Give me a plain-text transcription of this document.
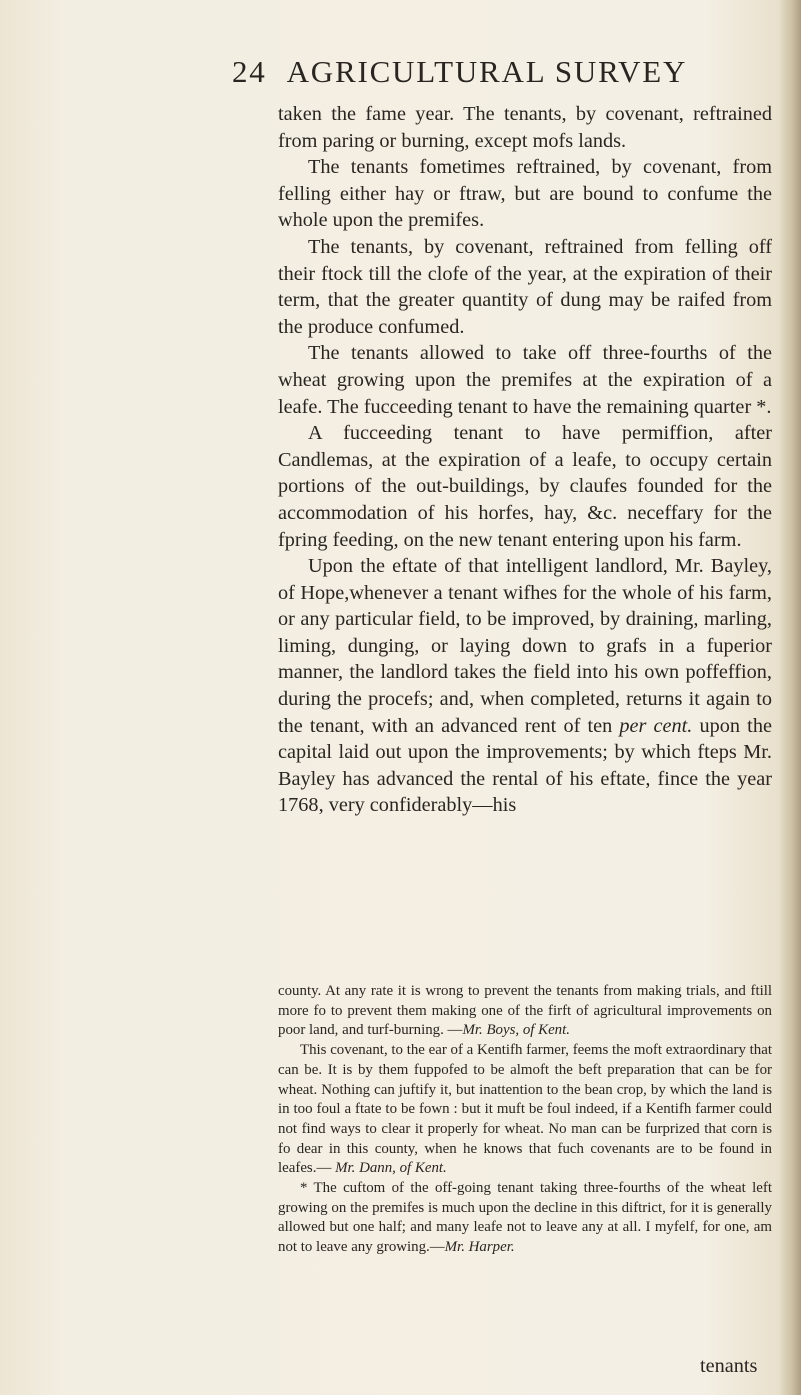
24 AGRICULTURAL SURVEY

taken the fame year. The tenants, by covenant, reftrained from paring or burning, except mofs lands.

The tenants fometimes reftrained, by covenant, from felling either hay or ftraw, but are bound to confume the whole upon the premifes.

The tenants, by covenant, reftrained from felling off their ftock till the clofe of the year, at the expiration of their term, that the greater quantity of dung may be raifed from the produce confumed.

The tenants allowed to take off three-fourths of the wheat growing upon the premifes at the expiration of a leafe. The fucceeding tenant to have the remaining quarter *.

A fucceeding tenant to have permiffion, after Candlemas, at the expiration of a leafe, to occupy certain portions of the out-buildings, by claufes founded for the accommodation of his horfes, hay, &c. neceffary for the fpring feeding, on the new tenant entering upon his farm.

Upon the eftate of that intelligent landlord, Mr. Bayley, of Hope,whenever a tenant wifhes for the whole of his farm, or any particular field, to be improved, by draining, marling, liming, dunging, or laying down to grafs in a fuperior manner, the landlord takes the field into his own poffeffion, during the procefs; and, when completed, returns it again to the tenant, with an advanced rent of ten per cent. upon the capital laid out upon the improvements; by which fteps Mr. Bayley has advanced the rental of his eftate, fince the year 1768, very confiderably—his

county. At any rate it is wrong to prevent the tenants from making trials, and ftill more fo to prevent them making one of the firft of agricultural improvements on poor land, and turf-burning. —Mr. Boys, of Kent.

This covenant, to the ear of a Kentifh farmer, feems the moft extraordinary that can be. It is by them fuppofed to be almoft the beft preparation that can be for wheat. Nothing can juftify it, but inattention to the bean crop, by which the land is in too foul a ftate to be fown : but it muft be foul indeed, if a Kentifh farmer could not find ways to clear it properly for wheat. No man can be furprized that corn is fo dear in this county, when he knows that fuch covenants are to be found in leafes.— Mr. Dann, of Kent.

* The cuftom of the off-going tenant taking three-fourths of the wheat left growing on the premifes is much upon the decline in this diftrict, for it is generally allowed but one half; and many leafe not to leave any at all. I myfelf, for one, am not to leave any growing.—Mr. Harper.

tenants
